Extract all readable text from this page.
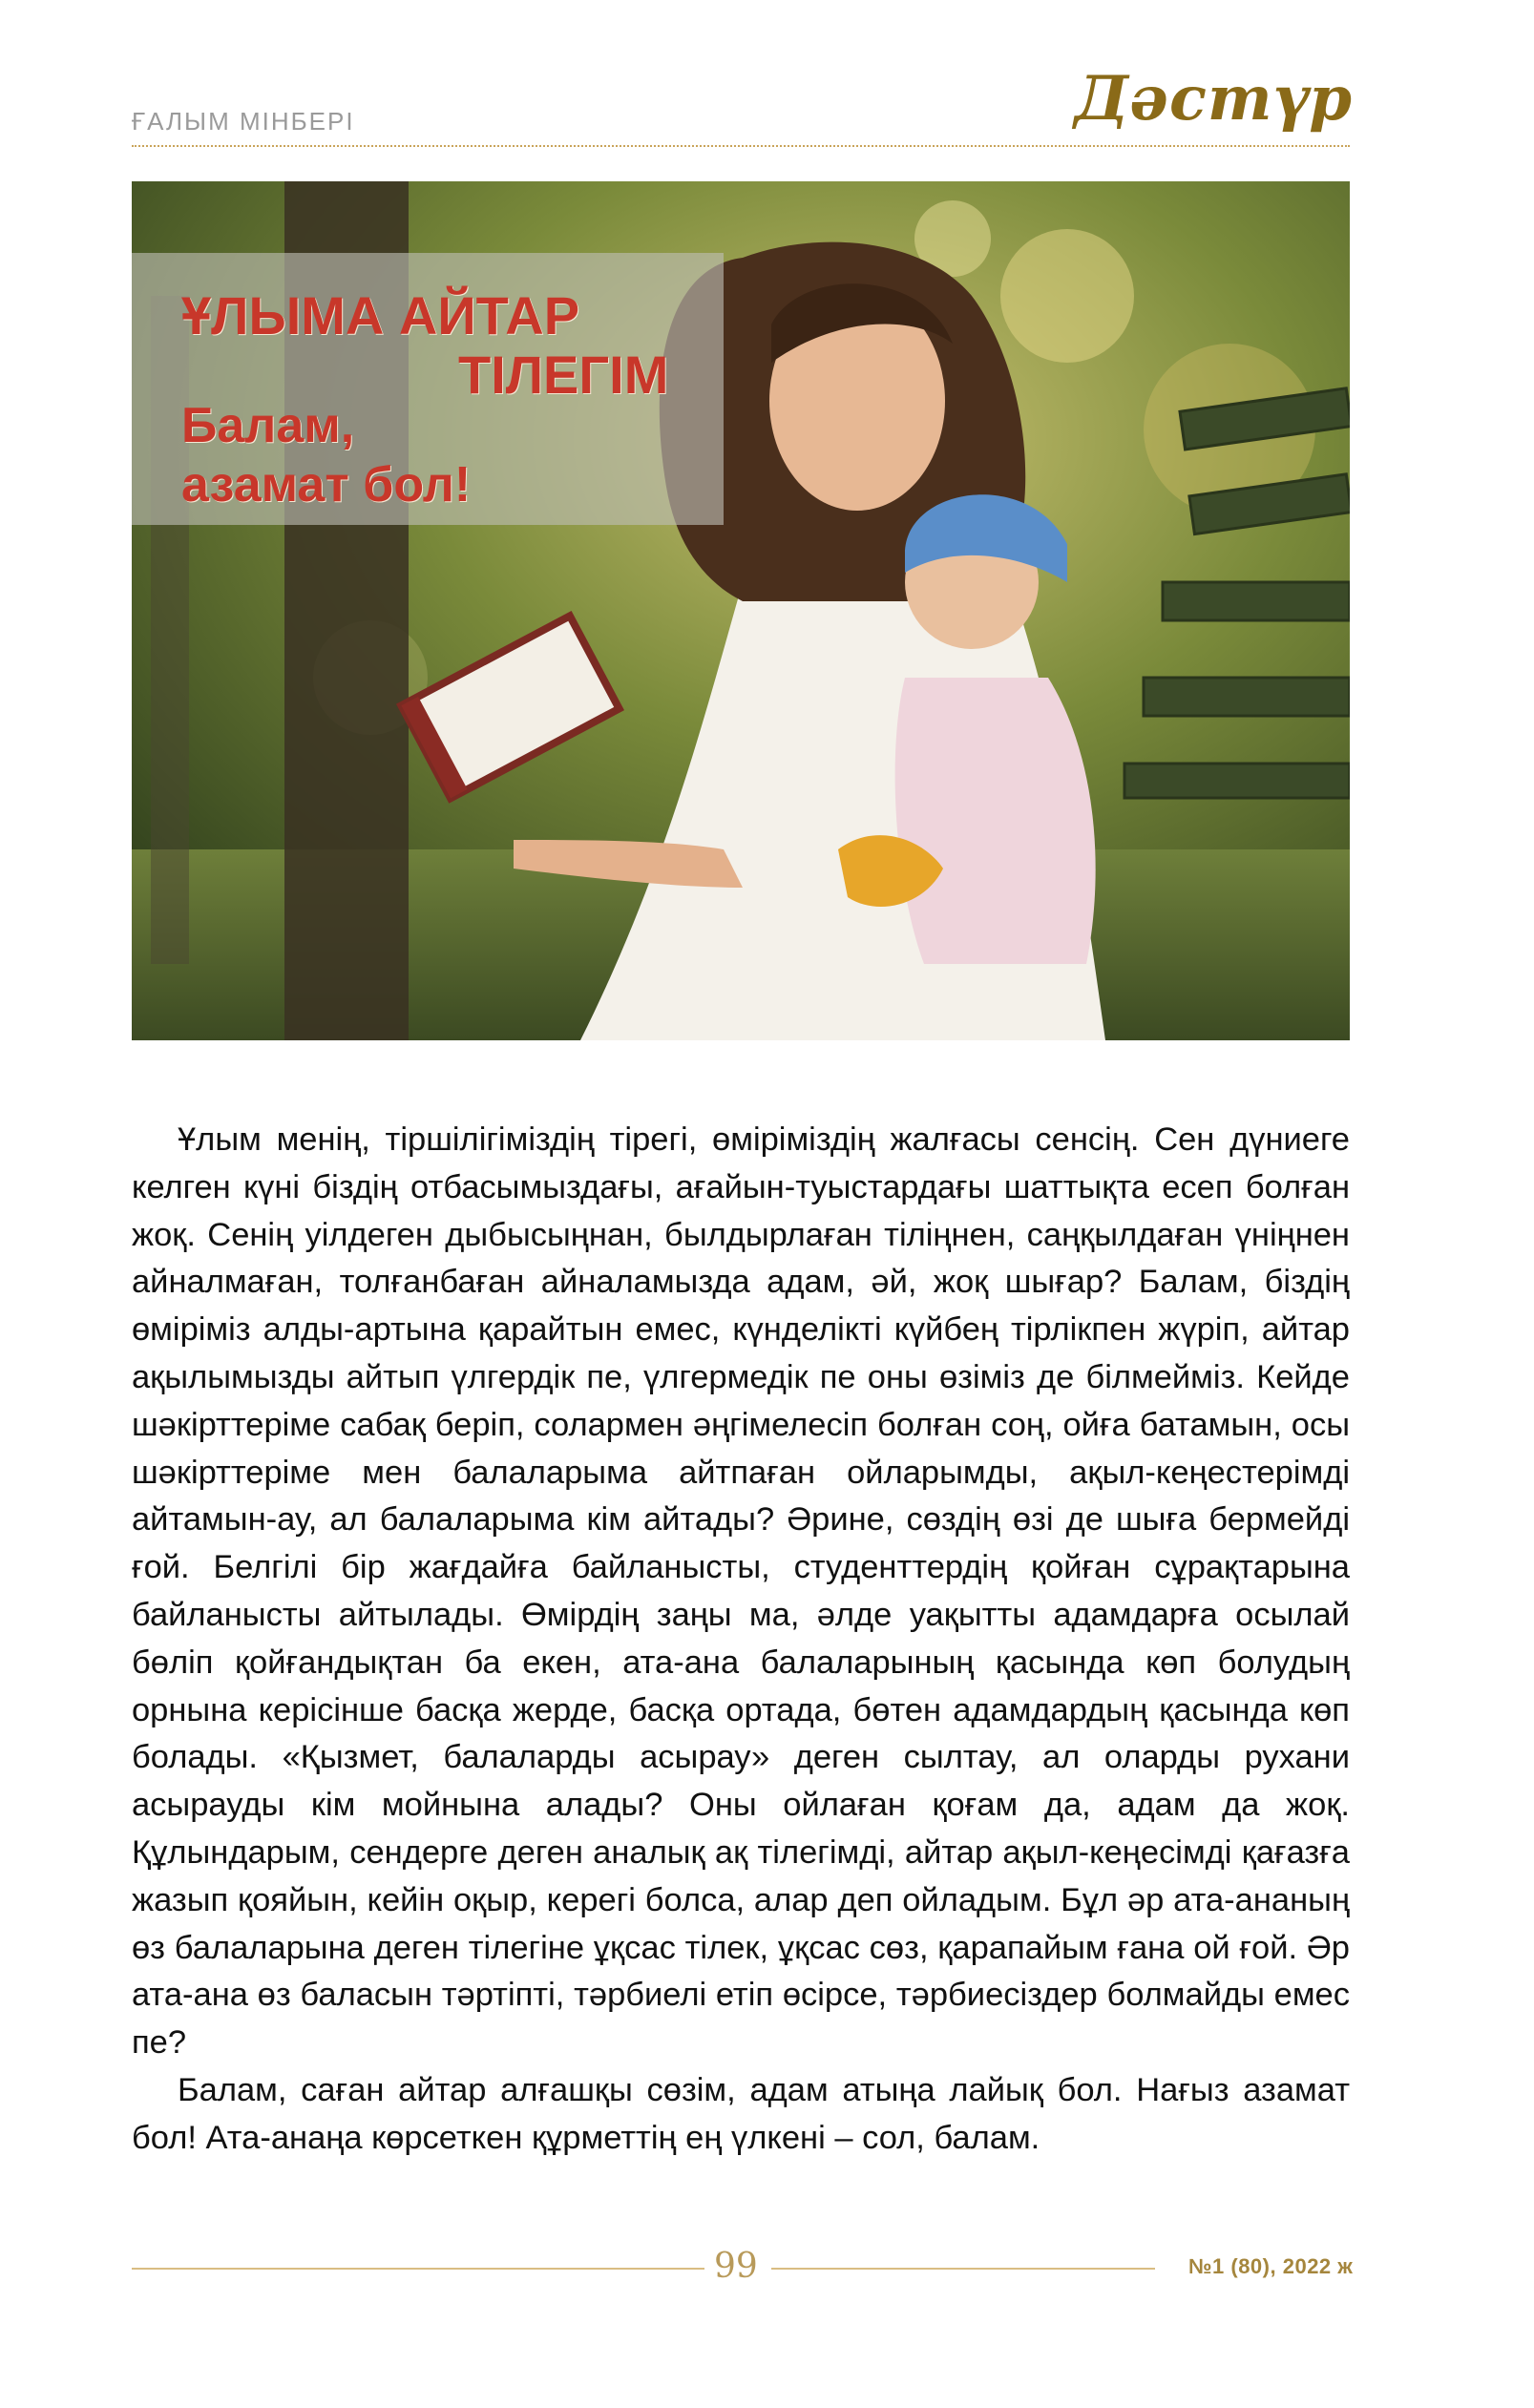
ҒАЛЫМ МІНБЕРІ	Дәстүр
ҰЛЫМА АЙТАР
ТІЛЕГІМ
Балам,
азамат бол!

Ұлым менің, тіршілігіміздің тірегі, өміріміздің жалғасы сенсің. Сен дүниеге келген күні біздің отбасымыздағы, ағайын-туыстардағы шаттықта есеп болған жоқ. Сенің уілдеген дыбысыңнан, былдырлаған тіліңнен, саңқылдаған үніңнен айналмаған, толғанбаған айналамызда адам, әй, жоқ шығар? Балам, біздің өміріміз алды-артына қарайтын емес, күнделікті күйбең тірлікпен жүріп, айтар ақылымызды айтып үлгердік пе, үлгермедік пе оны өзіміз де білмейміз. Кейде шәкірттеріме сабақ беріп, солармен әңгімелесіп болған соң, ойға батамын, осы шәкірттеріме мен балаларыма айтпаған ойларымды, ақыл-кеңестерімді айтамын-ау, ал балаларыма кім айтады? Әрине, сөздің өзі де шыға бермейді ғой. Белгілі бір жағдайға байланысты, студенттердің қойған сұрақтарына байланысты айтылады. Өмірдің заңы ма, әлде уақытты адамдарға осылай бөліп қойғандықтан ба екен, ата-ана балаларының қасында көп болудың орнына керісінше басқа жерде, басқа ортада, бөтен адамдардың қасында көп болады. «Қызмет, балаларды асырау» деген сылтау, ал оларды рухани асырауды кім мойнына алады? Оны ойлаған қоғам да, адам да жоқ. Құлындарым, сендерге деген аналық ақ тілегімді, айтар ақыл-кеңесімді қағазға жазып қояйын, кейін оқыр, керегі болса, алар деп ойладым. Бұл әр ата-ананың өз балаларына деген тілегіне ұқсас тілек, ұқсас сөз, қарапайым ғана ой ғой. Әр ата-ана өз баласын тәртіпті, тәрбиелі етіп өсірсе, тәрбиесіздер болмайды емес пе?

Балам, саған айтар алғашқы сөзім, адам атыңа лайық бол. Нағыз азамат бол! Ата-анаңа көрсеткен құрметтің ең үлкені – сол, балам.

99	№1 (80), 2022 ж
